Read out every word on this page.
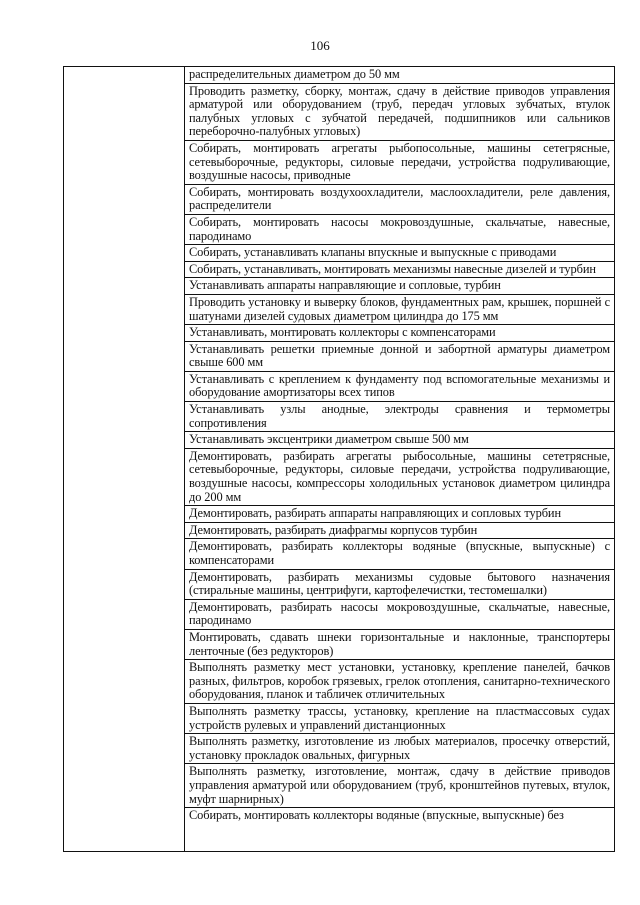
106

распределительных диаметром до 50 мм
Проводить разметку, сборку, монтаж, сдачу в действие приводов управления арматурой или оборудованием (труб, передач угловых зубчатых, втулок палубных угловых с зубчатой передачей, подшипников или сальников переборочно-палубных угловых)
Собирать, монтировать агрегаты рыбопосольные, машины сетегрясные, сетевыборочные, редукторы, силовые передачи, устройства подруливающие, воздушные насосы, приводные
Собирать, монтировать воздухоохладители, маслоохладители, реле давления, распределители
Собирать, монтировать насосы мокровоздушные, скальчатые, навесные, пародинамо
Собирать, устанавливать клапаны впускные и выпускные с приводами
Собирать, устанавливать, монтировать механизмы навесные дизелей и турбин
Устанавливать аппараты направляющие и сопловые, турбин
Проводить установку и выверку блоков, фундаментных рам, крышек, поршней с шатунами дизелей судовых диаметром цилиндра до 175 мм
Устанавливать, монтировать коллекторы с компенсаторами
Устанавливать решетки приемные донной и забортной арматуры диаметром свыше 600 мм
Устанавливать с креплением к фундаменту под вспомогательные механизмы и оборудование амортизаторы всех типов
Устанавливать узлы анодные, электроды сравнения и термометры сопротивления
Устанавливать эксцентрики диаметром свыше 500 мм
Демонтировать, разбирать агрегаты рыбосольные, машины сететрясные, сетевыборочные, редукторы, силовые передачи, устройства подруливающие, воздушные насосы, компрессоры холодильных установок диаметром цилиндра до 200 мм
Демонтировать, разбирать аппараты направляющих и сопловых турбин
Демонтировать, разбирать диафрагмы корпусов турбин
Демонтировать, разбирать коллекторы водяные (впускные, выпускные) с компенсаторами
Демонтировать, разбирать механизмы судовые бытового назначения (стиральные машины, центрифуги, картофелечистки, тестомешалки)
Демонтировать, разбирать насосы мокровоздушные, скальчатые, навесные, пародинамо
Монтировать, сдавать шнеки горизонтальные и наклонные, транспортеры ленточные (без редукторов)
Выполнять разметку мест установки, установку, крепление панелей, бачков разных, фильтров, коробок грязевых, грелок отопления, санитарно-технического оборудования, планок и табличек отличительных
Выполнять разметку трассы, установку, крепление на пластмассовых судах устройств рулевых и управлений дистанционных
Выполнять разметку, изготовление из любых материалов, просечку отверстий, установку прокладок овальных, фигурных
Выполнять разметку, изготовление, монтаж, сдачу в действие приводов управления арматурой или оборудованием (труб, кронштейнов путевых, втулок, муфт шарнирных)
Собирать, монтировать коллекторы водяные (впускные, выпускные) без
